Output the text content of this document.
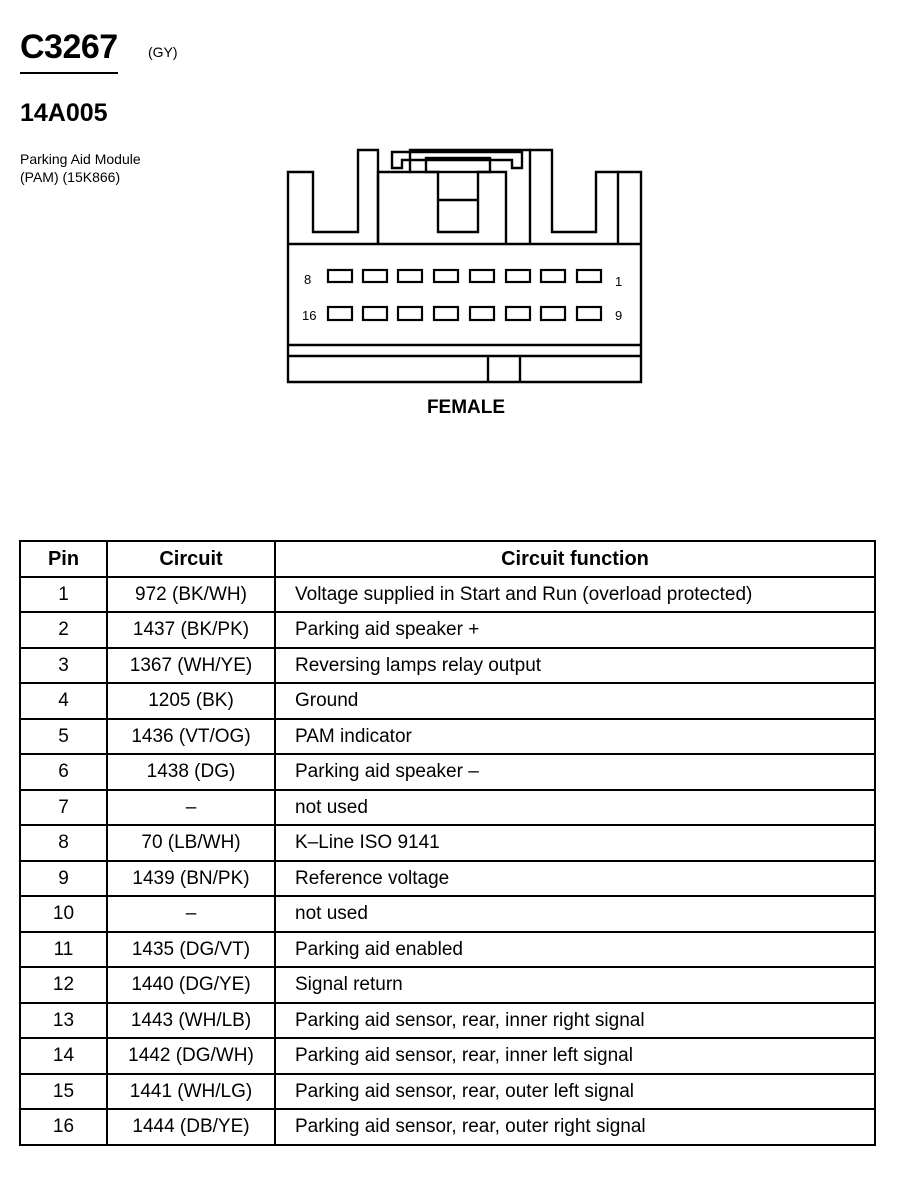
C3267 (GY)
14A005
Parking Aid Module
(PAM) (15K866)
8	1
16	9
FEMALE
Pin	Circuit	Circuit function
1	972 (BK/WH)	Voltage supplied in Start and Run (overload protected)
2	1437 (BK/PK)	Parking aid speaker +
3	1367 (WH/YE)	Reversing lamps relay output
4	1205 (BK)	Ground
5	1436 (VT/OG)	PAM indicator
6	1438 (DG)	Parking aid speaker –
7	–	not used
8	70 (LB/WH)	K–Line ISO 9141
9	1439 (BN/PK)	Reference voltage
10	–	not used
11	1435 (DG/VT)	Parking aid enabled
12	1440 (DG/YE)	Signal return
13	1443 (WH/LB)	Parking aid sensor, rear, inner right signal
14	1442 (DG/WH)	Parking aid sensor, rear, inner left signal
15	1441 (WH/LG)	Parking aid sensor, rear, outer left signal
16	1444 (DB/YE)	Parking aid sensor, rear, outer right signal
